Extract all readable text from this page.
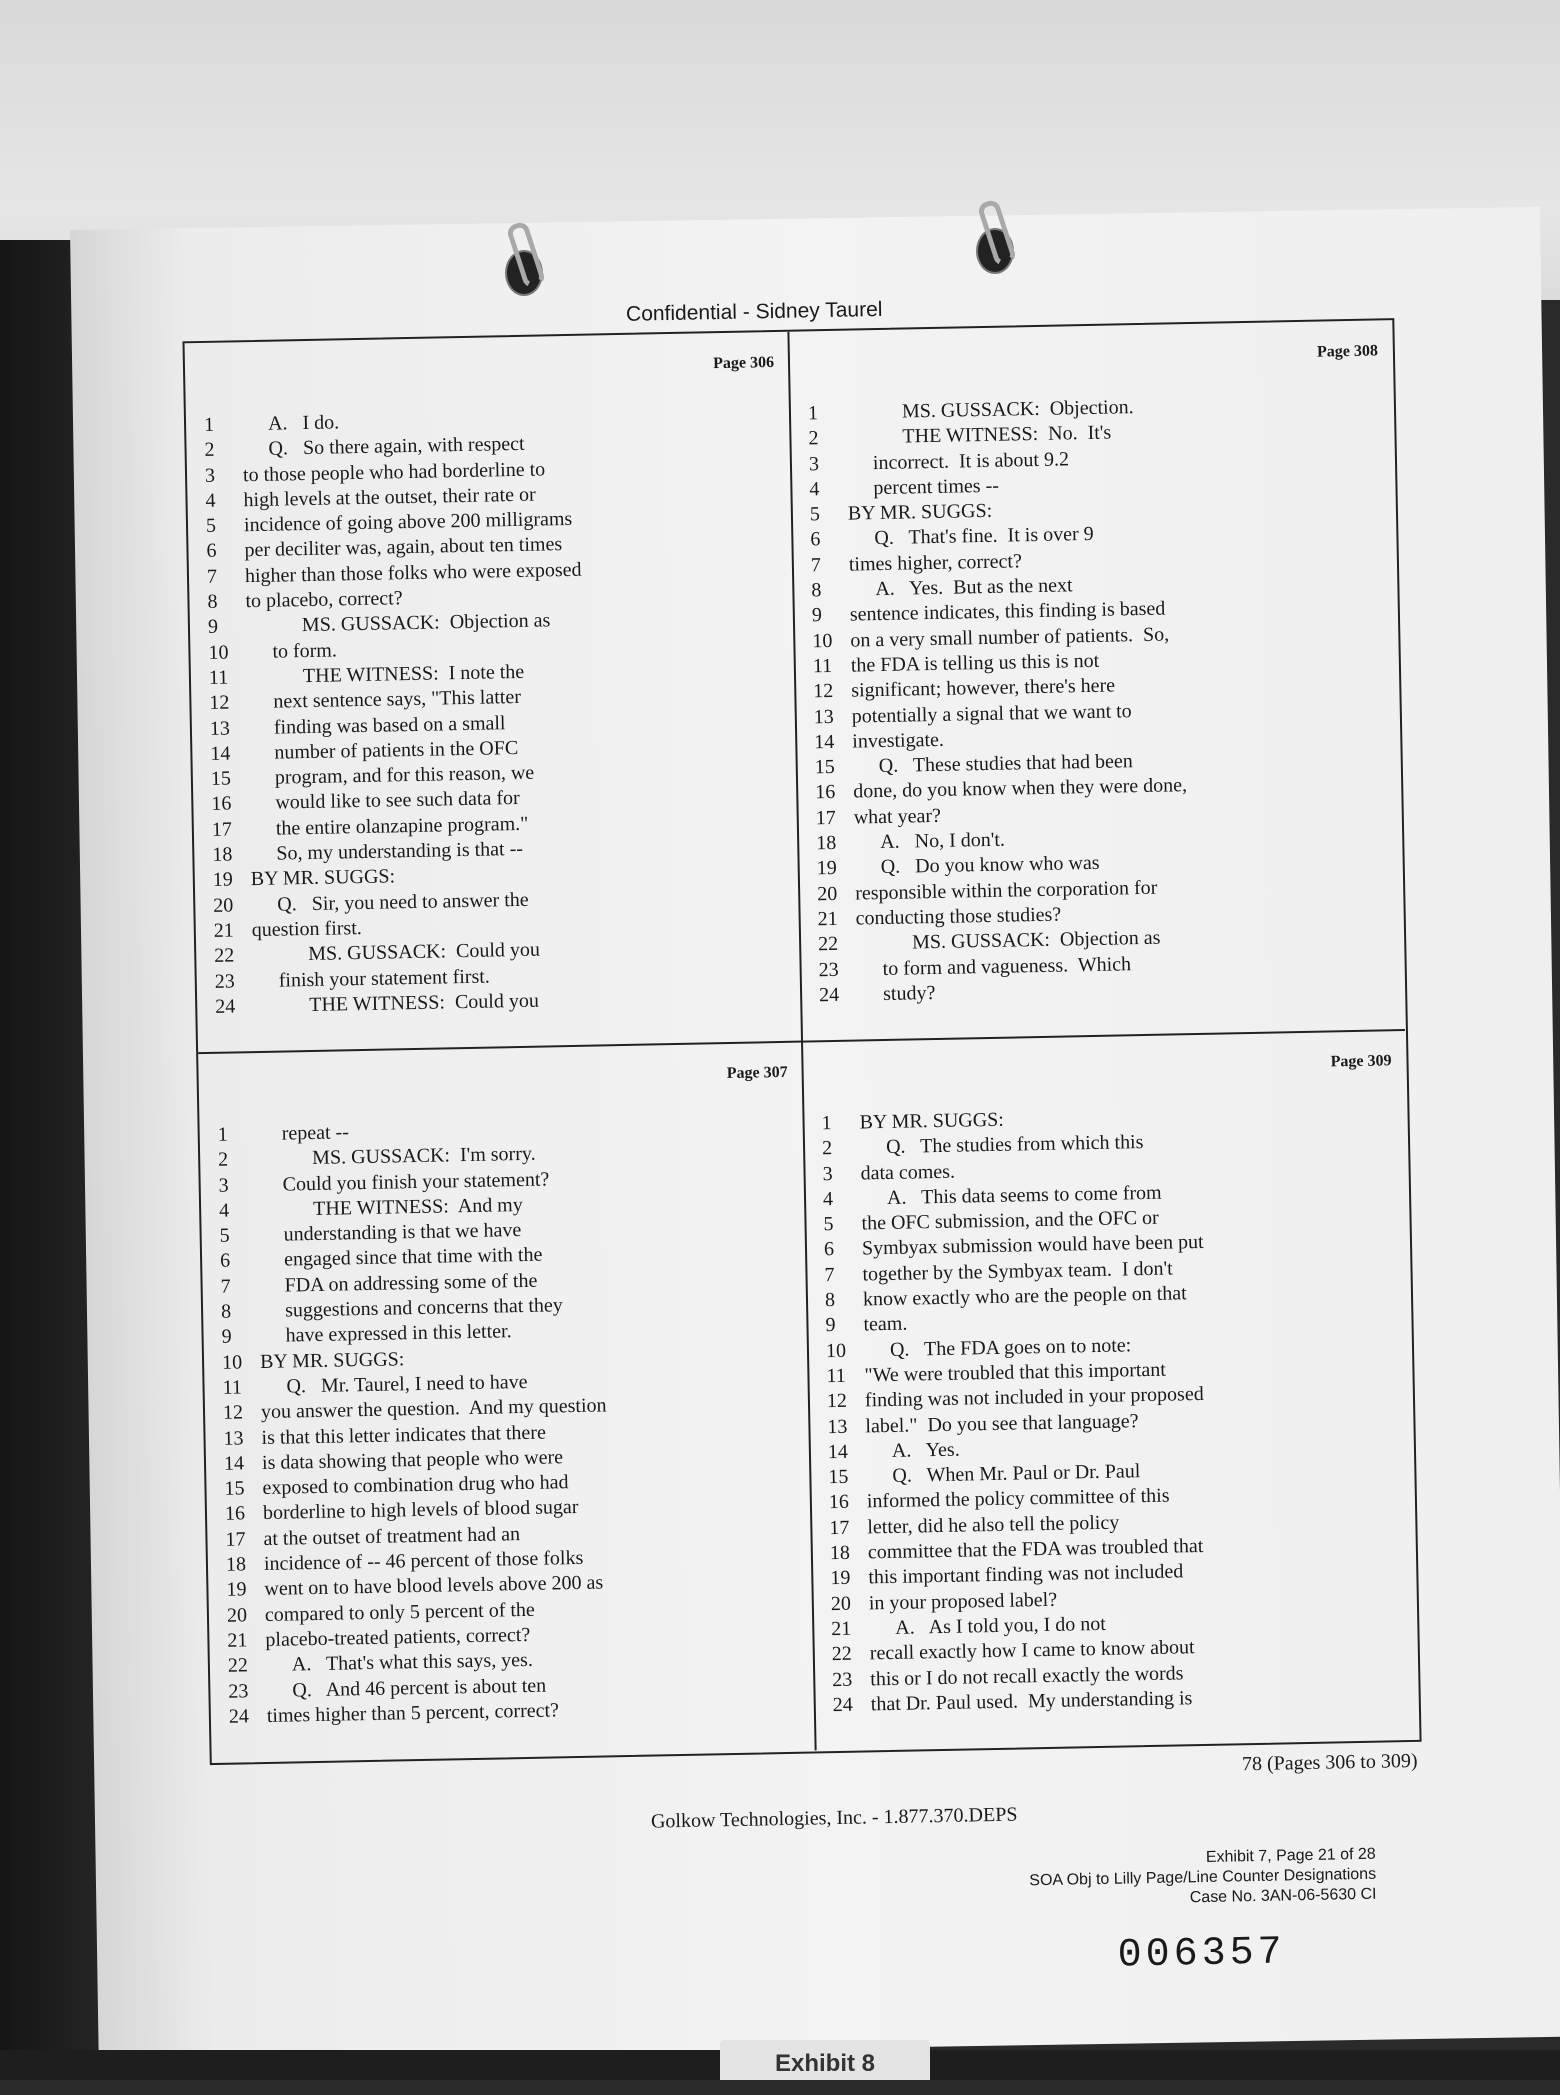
Exhibit 8
Confidential - Sidney Taurel
Page 306
1	A.   I do.
2	Q.   So there again, with respect
3	to those people who had borderline to
4	high levels at the outset, their rate or
5	incidence of going above 200 milligrams
6	per deciliter was, again, about ten times
7	higher than those folks who were exposed
8	to placebo, correct?
9	MS. GUSSACK:  Objection as
10	to form.
11	THE WITNESS:  I note the
12	next sentence says, "This latter
13	finding was based on a small
14	number of patients in the OFC
15	program, and for this reason, we
16	would like to see such data for
17	the entire olanzapine program."
18	So, my understanding is that --
19 BY MR. SUGGS:
20	Q.   Sir, you need to answer the
21 question first.
22	MS. GUSSACK:  Could you
23	finish your statement first.
24	THE WITNESS:  Could you
Page 308
1	MS. GUSSACK:  Objection.
2	THE WITNESS:  No.  It's
3	incorrect.  It is about 9.2
4	percent times --
5	BY MR. SUGGS:
6	Q.   That's fine.  It is over 9
7	times higher, correct?
8	A.   Yes.  But as the next
9	sentence indicates, this finding is based
10 on a very small number of patients.  So,
11 the FDA is telling us this is not
12 significant; however, there's here
13 potentially a signal that we want to
14 investigate.
15	Q.   These studies that had been
16 done, do you know when they were done,
17 what year?
18	A.   No, I don't.
19	Q.   Do you know who was
20 responsible within the corporation for
21 conducting those studies?
22	MS. GUSSACK:  Objection as
23	to form and vagueness.  Which
24	study?
Page 307
1	repeat --
2	MS. GUSSACK:  I'm sorry.
3	Could you finish your statement?
4	THE WITNESS:  And my
5	understanding is that we have
6	engaged since that time with the
7	FDA on addressing some of the
8	suggestions and concerns that they
9	have expressed in this letter.
10 BY MR. SUGGS:
11	Q.   Mr. Taurel, I need to have
12 you answer the question.  And my question
13 is that this letter indicates that there
14 is data showing that people who were
15 exposed to combination drug who had
16 borderline to high levels of blood sugar
17 at the outset of treatment had an
18 incidence of -- 46 percent of those folks
19 went on to have blood levels above 200 as
20 compared to only 5 percent of the
21 placebo-treated patients, correct?
22	A.   That's what this says, yes.
23	Q.   And 46 percent is about ten
24 times higher than 5 percent, correct?
Page 309
1	BY MR. SUGGS:
2	Q.   The studies from which this
3	data comes.
4	A.   This data seems to come from
5	the OFC submission, and the OFC or
6	Symbyax submission would have been put
7	together by the Symbyax team.  I don't
8	know exactly who are the people on that
9	team.
10	Q.   The FDA goes on to note:
11 "We were troubled that this important
12 finding was not included in your proposed
13 label."  Do you see that language?
14	A.   Yes.
15	Q.   When Mr. Paul or Dr. Paul
16 informed the policy committee of this
17 letter, did he also tell the policy
18 committee that the FDA was troubled that
19 this important finding was not included
20 in your proposed label?
21	A.   As I told you, I do not
22 recall exactly how I came to know about
23 this or I do not recall exactly the words
24 that Dr. Paul used.  My understanding is
78 (Pages 306 to 309)
Golkow Technologies, Inc. - 1.877.370.DEPS
Exhibit 7, Page 21 of 28
SOA Obj to Lilly Page/Line Counter Designations
Case No. 3AN-06-5630 CI
006357
